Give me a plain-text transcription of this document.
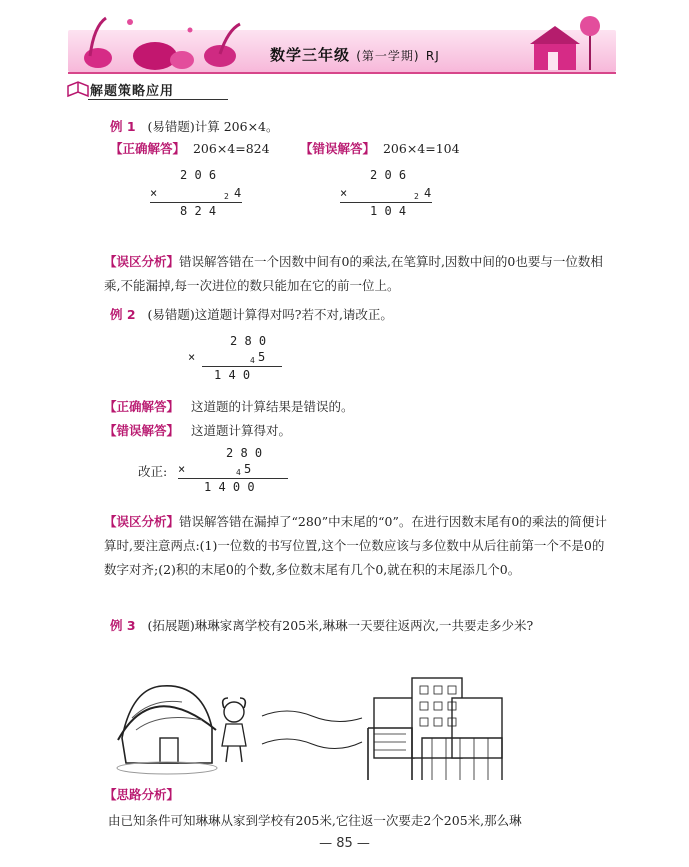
数学三年级 (第一学期) RJ
解题策略应用
例 1 (易错题)计算 206×4。
【正确解答】 206×4=824 【错误解答】 206×4=104
2 0 6
×	2 4
8 2 4
2 0 6
×	2 4
1 0 4
【误区分析】错误解答错在一个因数中间有0的乘法,在笔算时,因数中间的0也要与一位数相乘,不能漏掉,每一次进位的数只能加在它的前一位上。
例 2 (易错题)这道题计算得对吗?若不对,请改正。
2 8 0
×	4 5
1 4 0
【正确解答】 这道题的计算结果是错误的。
【错误解答】 这道题计算得对。
改正:
2 8 0
×	4 5
1 4 0 0
【误区分析】错误解答错在漏掉了“280”中末尾的“0”。在进行因数末尾有0的乘法的简便计算时,要注意两点:(1)一位数的书写位置,这个一位数应该与多位数中从后往前第一个不是0的数字对齐;(2)积的末尾0的个数,多位数末尾有几个0,就在积的末尾添几个0。
例 3 (拓展题)琳琳家离学校有205米,琳琳一天要往返两次,一共要走多少米?
【思路分析】
由已知条件可知琳琳从家到学校有205米,它往返一次要走2个205米,那么琳
— 85 —
